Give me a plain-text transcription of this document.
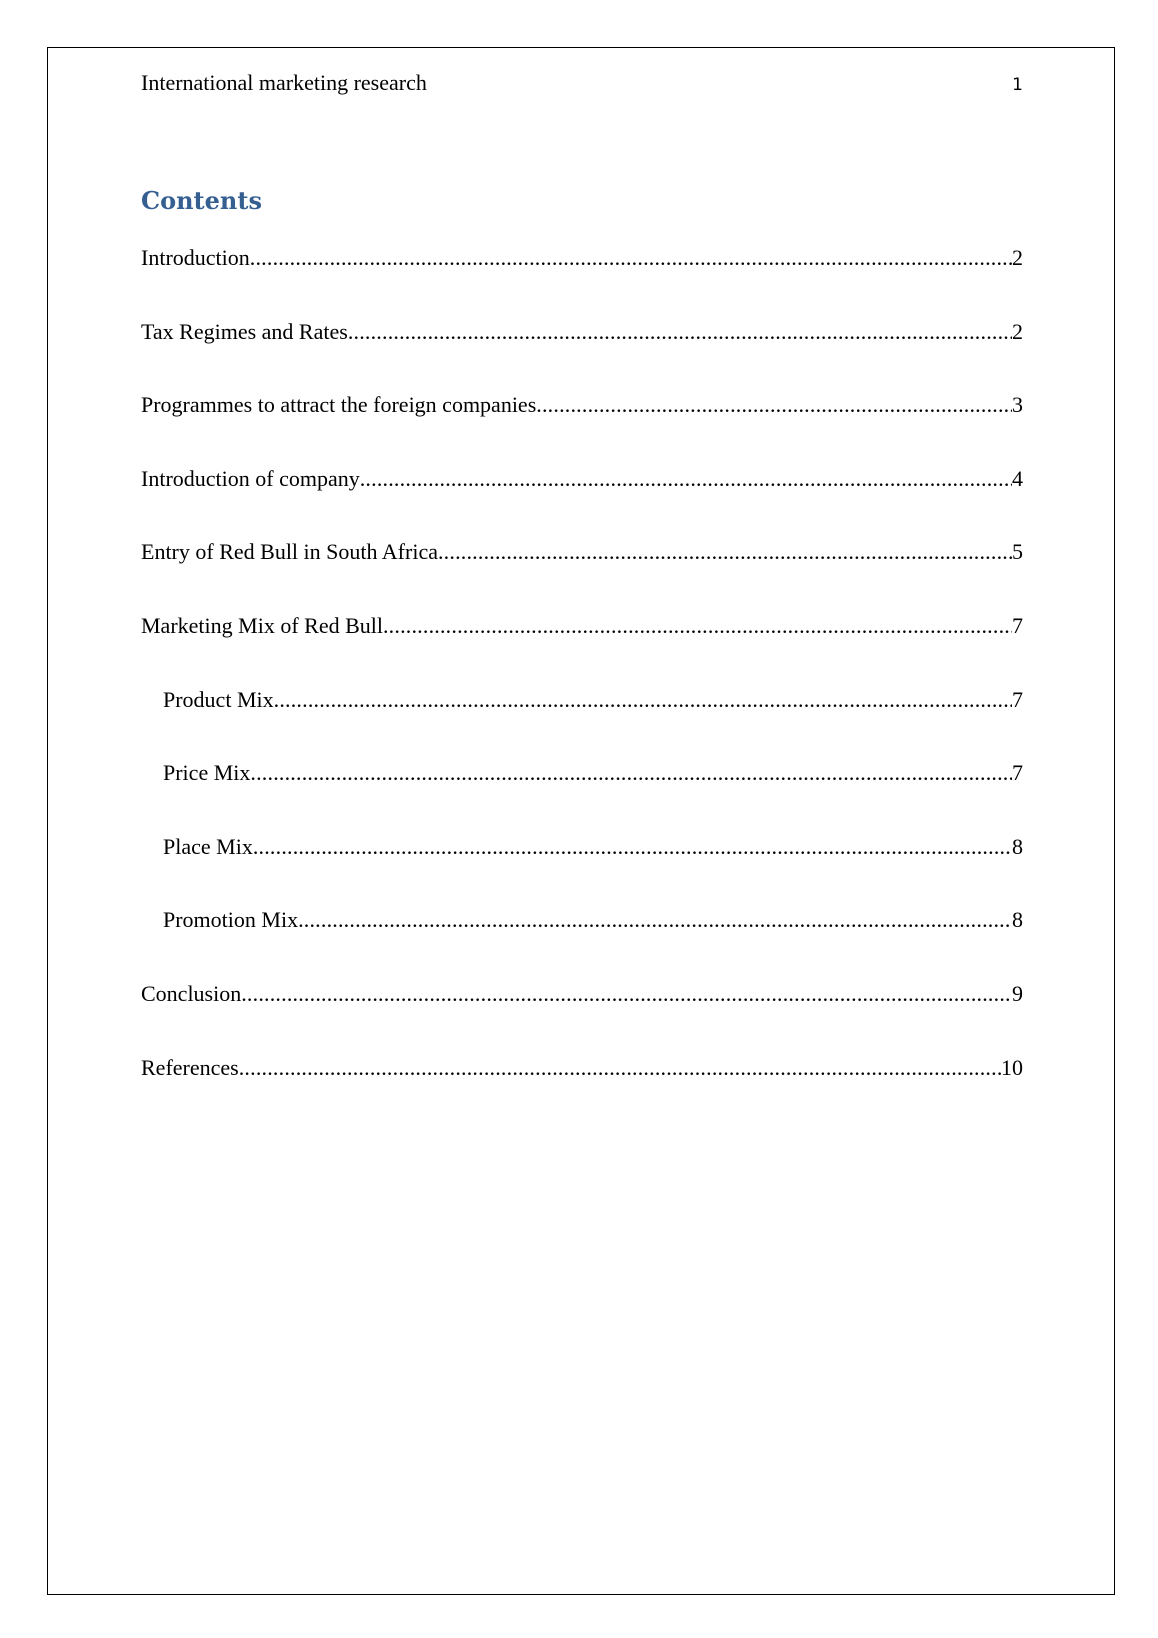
International marketing research	1
Contents
Introduction .....	2
Tax Regimes and Rates .....	2
Programmes to attract the foreign companies .....	3
Introduction of company .....	4
Entry of Red Bull in South Africa .....	5
Marketing Mix of Red Bull .....	7
Product Mix .....	7
Price Mix .....	7
Place Mix .....	8
Promotion Mix .....	8
Conclusion .....	9
References .....	10
